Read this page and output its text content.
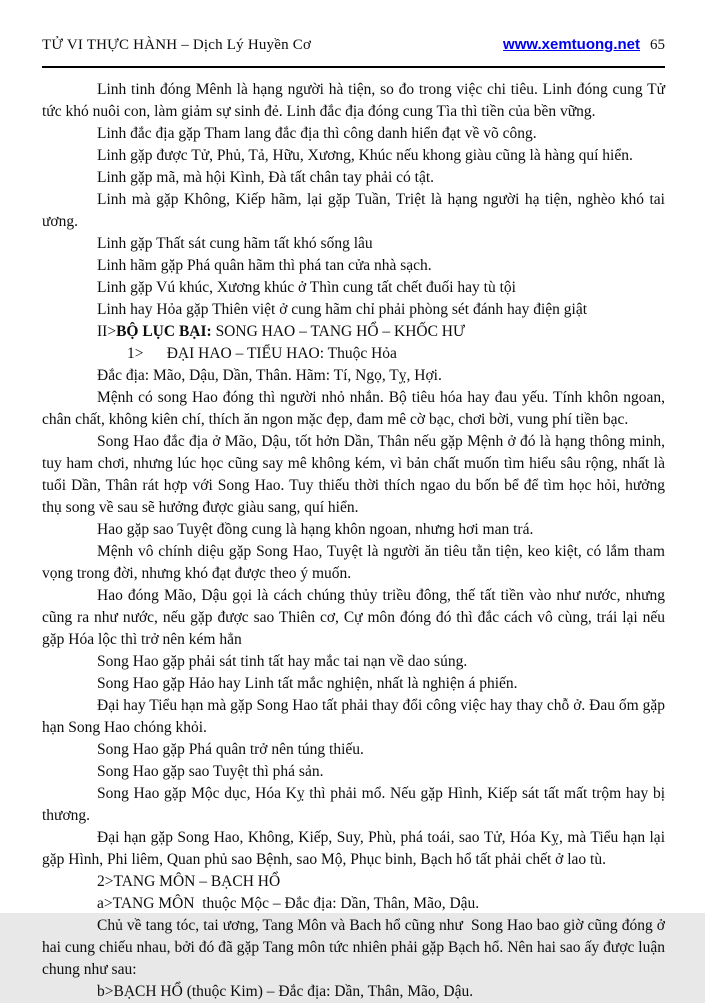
TỬ VI THỰC HÀNH – Dịch Lý Huyền Cơ	www.xemtuong.net 65

Linh tinh đóng Mênh là hạng người hà tiện, so đo trong việc chi tiêu. Linh đóng cung Tử tức khó nuôi con, làm giảm sự sinh đẻ. Linh đắc địa đóng cung Tìa thì tiền của bền vững.

Linh đắc địa gặp Tham lang đắc địa thì công danh hiển đạt về võ công.

Linh gặp được Tử, Phủ, Tả, Hữu, Xương, Khúc nếu khong giàu cũng là hàng quí hiển.

Linh gặp mã, mà hội Kình, Đà tất chân tay phải có tật.

Linh mà gặp Không, Kiếp hãm, lại gặp Tuần, Triệt là hạng người hạ tiện, nghèo khó tai ương.

Linh gặp Thất sát cung hãm tất khó sống lâu

Linh hãm gặp Phá quân hãm thì phá tan cửa nhà sạch.

Linh gặp Vú khúc, Xương khúc ở Thìn cung tất chết đuối hay tù tội

Linh hay Hỏa gặp Thiên việt ở cung hãm chỉ phải phòng sét đánh hay điện giật

II>BỘ LỤC BẠI: SONG HAO – TANG HỔ – KHỐC HƯ

1>      ĐẠI HAO – TIỂU HAO: Thuộc Hỏa

Đắc địa: Mão, Dậu, Dần, Thân. Hãm: Tí, Ngọ, Tỵ, Hợi.

Mệnh có song Hao đóng thì người nhỏ nhắn. Bộ tiêu hóa hay đau yếu. Tính khôn ngoan, chân chất, không kiên chí, thích ăn ngon mặc đẹp, đam mê cờ bạc, chơi bời, vung phí tiền bạc.

Song Hao đắc địa ở Mão, Dậu, tốt hởn Dần, Thân nếu gặp Mệnh ở đó là hạng thông minh, tuy ham chơi, nhưng lúc học cũng say mê không kém, vì bản chất muốn tìm hiểu sâu rộng, nhất là tuổi Dần, Thân rát hợp với Song Hao. Tuy thiếu thời thích ngao du bốn bể để tìm học hỏi, hưởng thụ song về sau sẽ hưởng được giàu sang, quí hiển.

Hao gặp sao Tuyệt đồng cung là hạng khôn ngoan, nhưng hơi man trá.

Mệnh vô chính diệu gặp Song Hao, Tuyệt là người ăn tiêu tằn tiện, keo kiệt, có lắm tham vọng trong đời, nhưng khó đạt được theo ý muốn.

Hao đóng Mão, Dậu gọi là cách chúng thủy triều đông, thế tất tiền vào như nước, nhưng cũng ra như nước, nếu gặp được sao Thiên cơ, Cự môn đóng đó thì đắc cách vô cùng, trái lại nếu gặp Hóa lộc thì trở nên kém hẳn

Song Hao gặp phải sát tinh tất hay mắc tai nạn về dao súng.

Song Hao gặp Hảo hay Linh tất mắc nghiện, nhất là nghiện á phiến.

Đại hay Tiểu hạn mà gặp Song Hao tất phải thay đổi công việc hay thay chỗ ở. Đau ốm gặp hạn Song Hao chóng khỏi.

Song Hao gặp Phá quân trở nên túng thiếu.

Song Hao gặp sao Tuyệt thì phá sản.

Song Hao gặp Mộc dục, Hóa Kỵ thì phải mổ. Nếu gặp Hình, Kiếp sát tất mất trộm hay bị thương.

Đại hạn gặp Song Hao, Không, Kiếp, Suy, Phù, phá toái, sao Tử, Hóa Kỵ, mà Tiểu hạn lại gặp Hình, Phi liêm, Quan phủ sao Bệnh, sao Mộ, Phục binh, Bạch hổ tất phải chết ở lao tù.

2>TANG MÔN – BẠCH HỔ

a>TANG MÔN  thuộc Mộc – Đắc địa: Dần, Thân, Mão, Dậu.

Chủ về tang tóc, tai ương, Tang Môn và Bach hổ cũng như  Song Hao bao giờ cũng đóng ở hai cung chiếu nhau, bởi đó đã gặp Tang môn tức nhiên phải gặp Bạch hổ. Nên hai sao ấy được luận chung như sau:

b>BẠCH HỔ (thuộc Kim) – Đắc địa: Dần, Thân, Mão, Dậu.
